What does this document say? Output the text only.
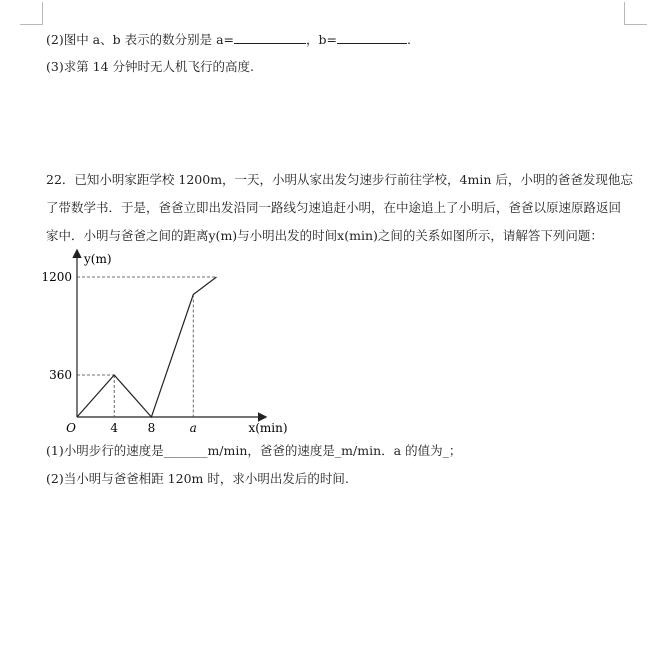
(2)图中 a、b 表示的数分别是 a=	，b=	.
(3)求第 14 分钟时无人机飞行的高度.
22．已知小明家距学校 1200m，一天，小明从家出发匀速步行前往学校，4min 后，小明的爸爸发现他忘
了带数学书．于是，爸爸立即出发沿同一路线匀速追赶小明，在中途追上了小明后，爸爸以原速原路返回
家中．小明与爸爸之间的距离y(m)与小明出发的时间x(min)之间的关系如图所示，请解答下列问题：
4 8	a
360
1200
O	x(min)
y(m)
(1)小明步行的速度是_______m/min，爸爸的速度是_m/min．a 的值为_；
(2)当小明与爸爸相距 120m 时，求小明出发后的时间.
